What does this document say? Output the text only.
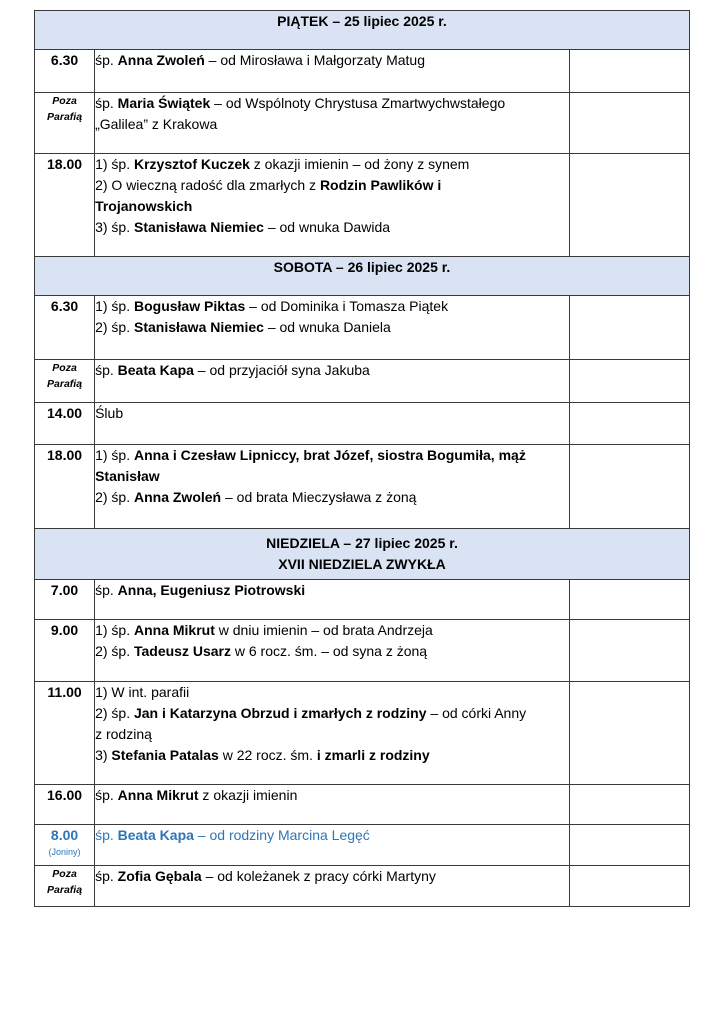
PIĄTEK – 25 lipiec 2025 r.		
6.30	śp. Anna Zwoleń – od Mirosława i Małgorzaty Matug	

Poza Parafią	śp. Maria Świątek – od Wspólnoty Chrystusa Zmartwychwstałego
„Galilea” z Krakowa	

18.00	1) śp. Krzysztof Kuczek z okazji imienin – od żony z synem
2) O wieczną radość dla zmarłych z Rodzin Pawlików i
Trojanowskich
3) śp. Stanisława Niemiec – od wnuka Dawida	

SOBOTA – 26 lipiec 2025 r.		
6.30	1) śp. Bogusław Piktas – od Dominika i Tomasza Piątek
2) śp. Stanisława Niemiec – od wnuka Daniela	

Poza Parafią	śp. Beata Kapa – od przyjaciół syna Jakuba	

14.00	Ślub	

18.00	1) śp. Anna i Czesław Lipniccy, brat Józef, siostra Bogumiła, mąż
Stanisław
2) śp. Anna Zwoleń – od brata Mieczysława z żoną	

NIEDZIELA – 27 lipiec 2025 r.

XVII NIEDZIELA ZWYKŁA		

7.00	śp. Anna, Eugeniusz Piotrowski	

9.00	1) śp. Anna Mikrut w dniu imienin – od brata Andrzeja
2) śp. Tadeusz Usarz w 6 rocz. śm. – od syna z żoną	

11.00	1) W int. parafii
2) śp. Jan i Katarzyna Obrzud i zmarłych z rodziny – od córki Anny
z rodziną
3) Stefania Patalas w 22 rocz. śm. i zmarli z rodziny	

16.00	śp. Anna Mikrut z okazji imienin	

8.00
(Joniny)	śp. Beata Kapa – od rodziny Marcina Legęć	

Poza Parafią	śp. Zofia Gębala – od koleżanek z pracy córki Martyny	
